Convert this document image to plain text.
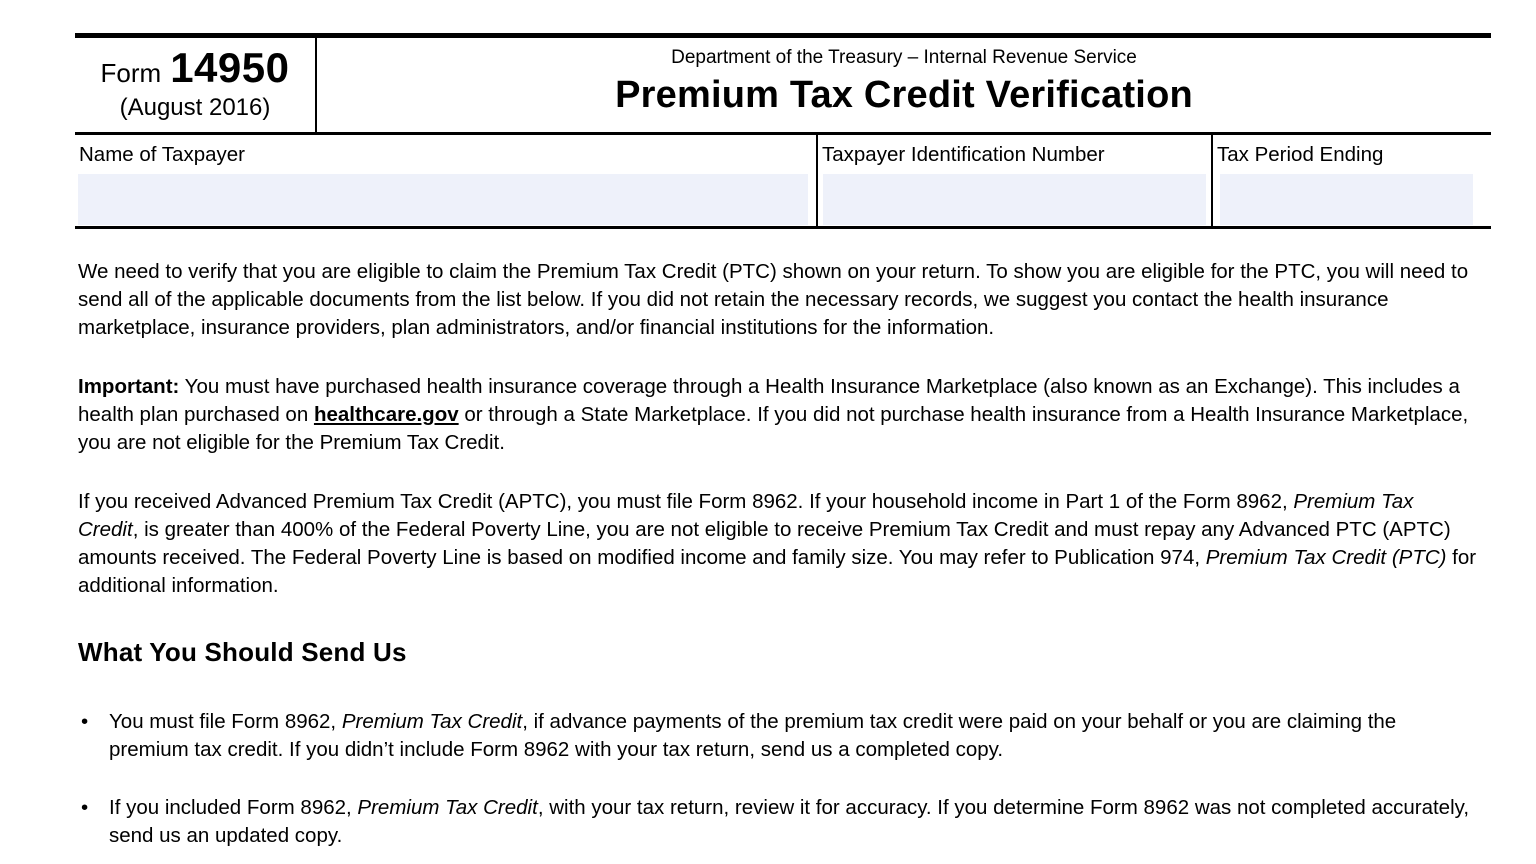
Form 14950
(August 2016)
Department of the Treasury – Internal Revenue Service
Premium Tax Credit Verification
Name of Taxpayer	Taxpayer Identification Number	Tax Period Ending
We need to verify that you are eligible to claim the Premium Tax Credit (PTC) shown on your return. To show you are eligible for the PTC, you will need to send all of the applicable documents from the list below. If you did not retain the necessary records, we suggest you contact the health insurance marketplace, insurance providers, plan administrators, and/or financial institutions for the information.
Important: You must have purchased health insurance coverage through a Health Insurance Marketplace (also known as an Exchange). This includes a health plan purchased on healthcare.gov or through a State Marketplace. If you did not purchase health insurance from a Health Insurance Marketplace, you are not eligible for the Premium Tax Credit.
If you received Advanced Premium Tax Credit (APTC), you must file Form 8962. If your household income in Part 1 of the Form 8962, Premium Tax Credit, is greater than 400% of the Federal Poverty Line, you are not eligible to receive Premium Tax Credit and must repay any Advanced PTC (APTC) amounts received. The Federal Poverty Line is based on modified income and family size. You may refer to Publication 974, Premium Tax Credit (PTC) for additional information.
What You Should Send Us
•	You must file Form 8962, Premium Tax Credit, if advance payments of the premium tax credit were paid on your behalf or you are claiming the premium tax credit. If you didn’t include Form 8962 with your tax return, send us a completed copy.
•	If you included Form 8962, Premium Tax Credit, with your tax return, review it for accuracy. If you determine Form 8962 was not completed accurately, send us an updated copy.
